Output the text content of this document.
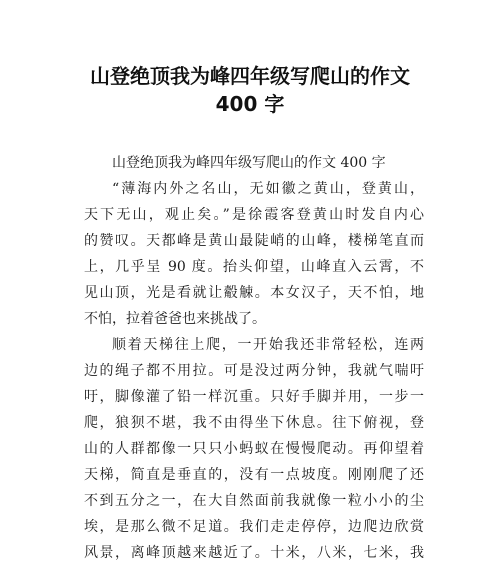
山登绝顶我为峰四年级写爬山的作文
400 字
山登绝顶我为峰四年级写爬山的作文 400 字
“薄海内外之名山，无如徽之黄山，登黄山，
天下无山，观止矣。”是徐霞客登黄山时发自内心
的赞叹。天都峰是黄山最陡峭的山峰，楼梯笔直而
上，几乎呈 90 度。抬头仰望，山峰直入云霄，不
见山顶，光是看就让觳觫。本女汉子，天不怕，地
不怕，拉着爸爸也来挑战了。
顺着天梯往上爬，一开始我还非常轻松，连两
边的绳子都不用拉。可是没过两分钟，我就气喘吁
吁，脚像灌了铅一样沉重。只好手脚并用，一步一
爬，狼狈不堪，我不由得坐下休息。往下俯视，登
山的人群都像一只只小蚂蚁在慢慢爬动。再仰望着
天梯，简直是垂直的，没有一点坡度。刚刚爬了还
不到五分之一，在大自然面前我就像一粒小小的尘
埃，是那么微不足道。我们走走停停，边爬边欣赏
风景，离峰顶越来越近了。十米，八米，七米，我
